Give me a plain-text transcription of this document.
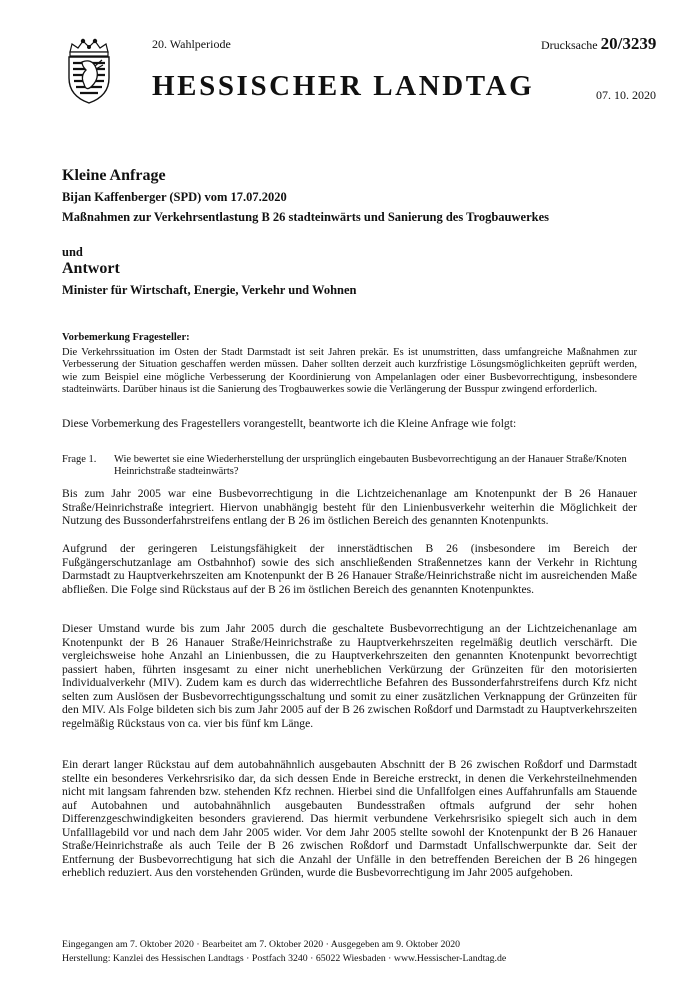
20. Wahlperiode	Drucksache 20/3239
HESSISCHER LANDTAG	07. 10. 2020
Kleine Anfrage
Bijan Kaffenberger (SPD) vom 17.07.2020
Maßnahmen zur Verkehrsentlastung B 26 stadteinwärts und Sanierung des Trogbauwerkes
und
Antwort
Minister für Wirtschaft, Energie, Verkehr und Wohnen
Vorbemerkung Fragesteller:
Die Verkehrssituation im Osten der Stadt Darmstadt ist seit Jahren prekär. Es ist unumstritten, dass umfangreiche Maßnahmen zur Verbesserung der Situation geschaffen werden müssen. Daher sollten derzeit auch kurzfristige Lösungsmöglichkeiten geprüft werden, wie zum Beispiel eine mögliche Verbesserung der Koordinierung von Ampelanlagen oder einer Busbevorrechtigung, insbesondere stadteinwärts. Darüber hinaus ist die Sanierung des Trogbauwerkes sowie die Verlängerung der Busspur zwingend erforderlich.
Diese Vorbemerkung des Fragestellers vorangestellt, beantworte ich die Kleine Anfrage wie folgt:
Frage 1. Wie bewertet sie eine Wiederherstellung der ursprünglich eingebauten Busbevorrechtigung an der Hanauer Straße/Knoten Heinrichstraße stadteinwärts?

Bis zum Jahr 2005 war eine Busbevorrechtigung in die Lichtzeichenanlage am Knotenpunkt der B 26 Hanauer Straße/Heinrichstraße integriert. Hiervon unabhängig besteht für den Linienbusverkehr weiterhin die Möglichkeit der Nutzung des Bussonderfahrstreifens entlang der B 26 im östlichen Bereich des genannten Knotenpunkts.

Aufgrund der geringeren Leistungsfähigkeit der innerstädtischen B 26 (insbesondere im Bereich der Fußgängerschutzanlage am Ostbahnhof) sowie des sich anschließenden Straßennetzes kann der Verkehr in Richtung Darmstadt zu Hauptverkehrszeiten am Knotenpunkt der B 26 Hanauer Straße/Heinrichstraße nicht im ausreichenden Maße abfließen. Die Folge sind Rückstaus auf der B 26 im östlichen Bereich des genannten Knotenpunktes.

Dieser Umstand wurde bis zum Jahr 2005 durch die geschaltete Busbevorrechtigung an der Lichtzeichenanlage am Knotenpunkt der B 26 Hanauer Straße/Heinrichstraße zu Hauptverkehrszeiten regelmäßig deutlich verschärft. Die vergleichsweise hohe Anzahl an Linienbussen, die zu Hauptverkehrszeiten den genannten Knotenpunkt bevorrechtigt passiert haben, führten insgesamt zu einer nicht unerheblichen Verkürzung der Grünzeiten für den motorisierten Individualverkehr (MIV). Zudem kam es durch das widerrechtliche Befahren des Bussonderfahrstreifens durch Kfz nicht selten zum Auslösen der Busbevorrechtigungsschaltung und somit zu einer zusätzlichen Verknappung der Grünzeiten für den MIV. Als Folge bildeten sich bis zum Jahr 2005 auf der B 26 zwischen Roßdorf und Darmstadt zu Hauptverkehrszeiten regelmäßig Rückstaus von ca. vier bis fünf km Länge.

Ein derart langer Rückstau auf dem autobahnähnlich ausgebauten Abschnitt der B 26 zwischen Roßdorf und Darmstadt stellte ein besonderes Verkehrsrisiko dar, da sich dessen Ende in Bereiche erstreckt, in denen die Verkehrsteilnehmenden nicht mit langsam fahrenden bzw. stehenden Kfz rechnen. Hierbei sind die Unfallfolgen eines Auffahrunfalls am Stauende auf Autobahnen und autobahnähnlich ausgebauten Bundesstraßen oftmals aufgrund der sehr hohen Differenzgeschwindigkeiten besonders gravierend. Das hiermit verbundene Verkehrsrisiko spiegelt sich auch in dem Unfalllagebild vor und nach dem Jahr 2005 wider. Vor dem Jahr 2005 stellte sowohl der Knotenpunkt der B 26 Hanauer Straße/Heinrichstraße als auch Teile der B 26 zwischen Roßdorf und Darmstadt Unfallschwerpunkte dar. Seit der Entfernung der Busbevorrechtigung hat sich die Anzahl der Unfälle in den betreffenden Bereichen der B 26 hingegen erheblich reduziert. Aus den vorstehenden Gründen, wurde die Busbevorrechtigung im Jahr 2005 aufgehoben.

Eingegangen am 7. Oktober 2020 · Bearbeitet am 7. Oktober 2020 · Ausgegeben am 9. Oktober 2020
Herstellung: Kanzlei des Hessischen Landtags · Postfach 3240 · 65022 Wiesbaden · www.Hessischer-Landtag.de
